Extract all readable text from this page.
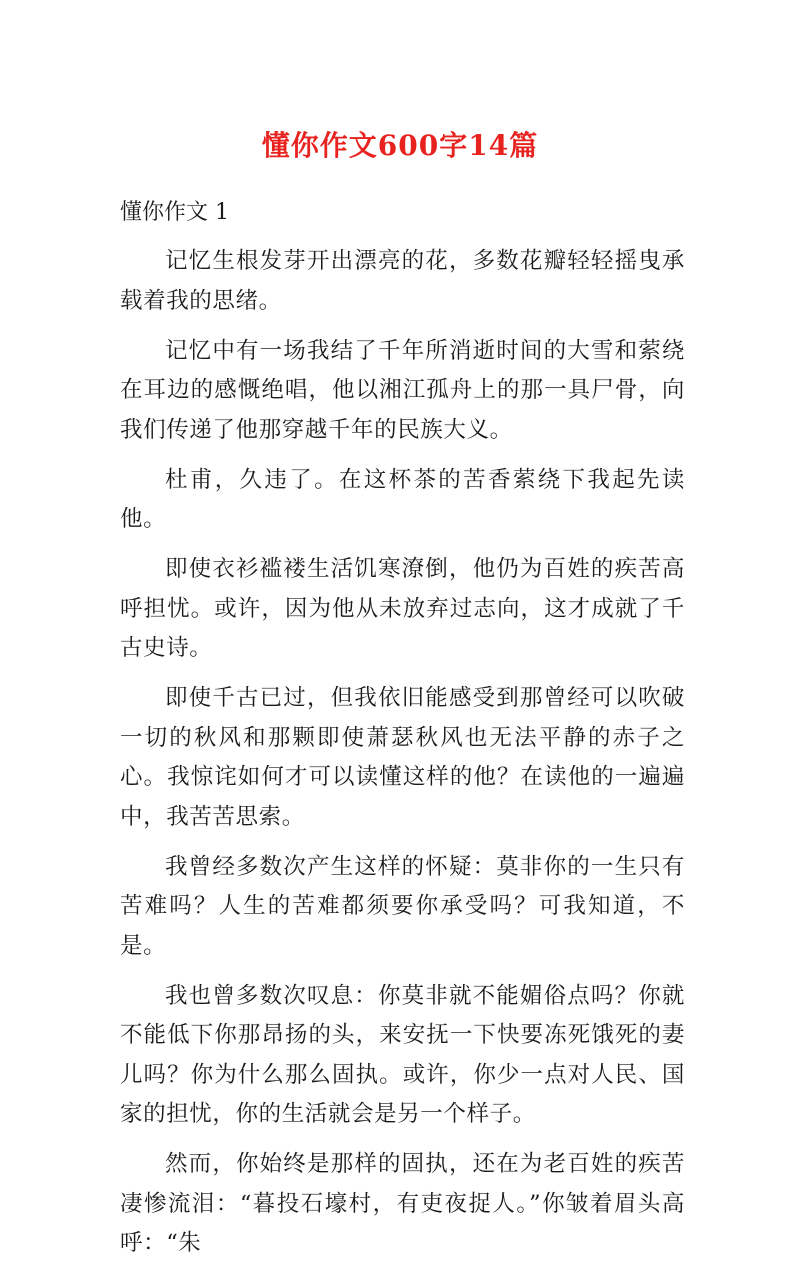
懂你作文600字14篇
懂你作文 1

记忆生根发芽开出漂亮的花，多数花瓣轻轻摇曳承载着我的思绪。

记忆中有一场我结了千年所消逝时间的大雪和萦绕在耳边的感慨绝唱，他以湘江孤舟上的那一具尸骨，向我们传递了他那穿越千年的民族大义。

杜甫，久违了。在这杯茶的苦香萦绕下我起先读他。

即使衣衫褴褛生活饥寒潦倒，他仍为百姓的疾苦高呼担忧。或许，因为他从未放弃过志向，这才成就了千古史诗。

即使千古已过，但我依旧能感受到那曾经可以吹破一切的秋风和那颗即使萧瑟秋风也无法平静的赤子之心。我惊诧如何才可以读懂这样的他？在读他的一遍遍中，我苦苦思索。

我曾经多数次产生这样的怀疑：莫非你的一生只有苦难吗？人生的苦难都须要你承受吗？可我知道，不是。

我也曾多数次叹息：你莫非就不能媚俗点吗？你就不能低下你那昂扬的头，来安抚一下快要冻死饿死的妻儿吗？你为什么那么固执。或许，你少一点对人民、国家的担忧，你的生活就会是另一个样子。

然而，你始终是那样的固执，还在为老百姓的疾苦凄惨流泪：“暮投石壕村，有吏夜捉人。”你皱着眉头高呼：“朱
